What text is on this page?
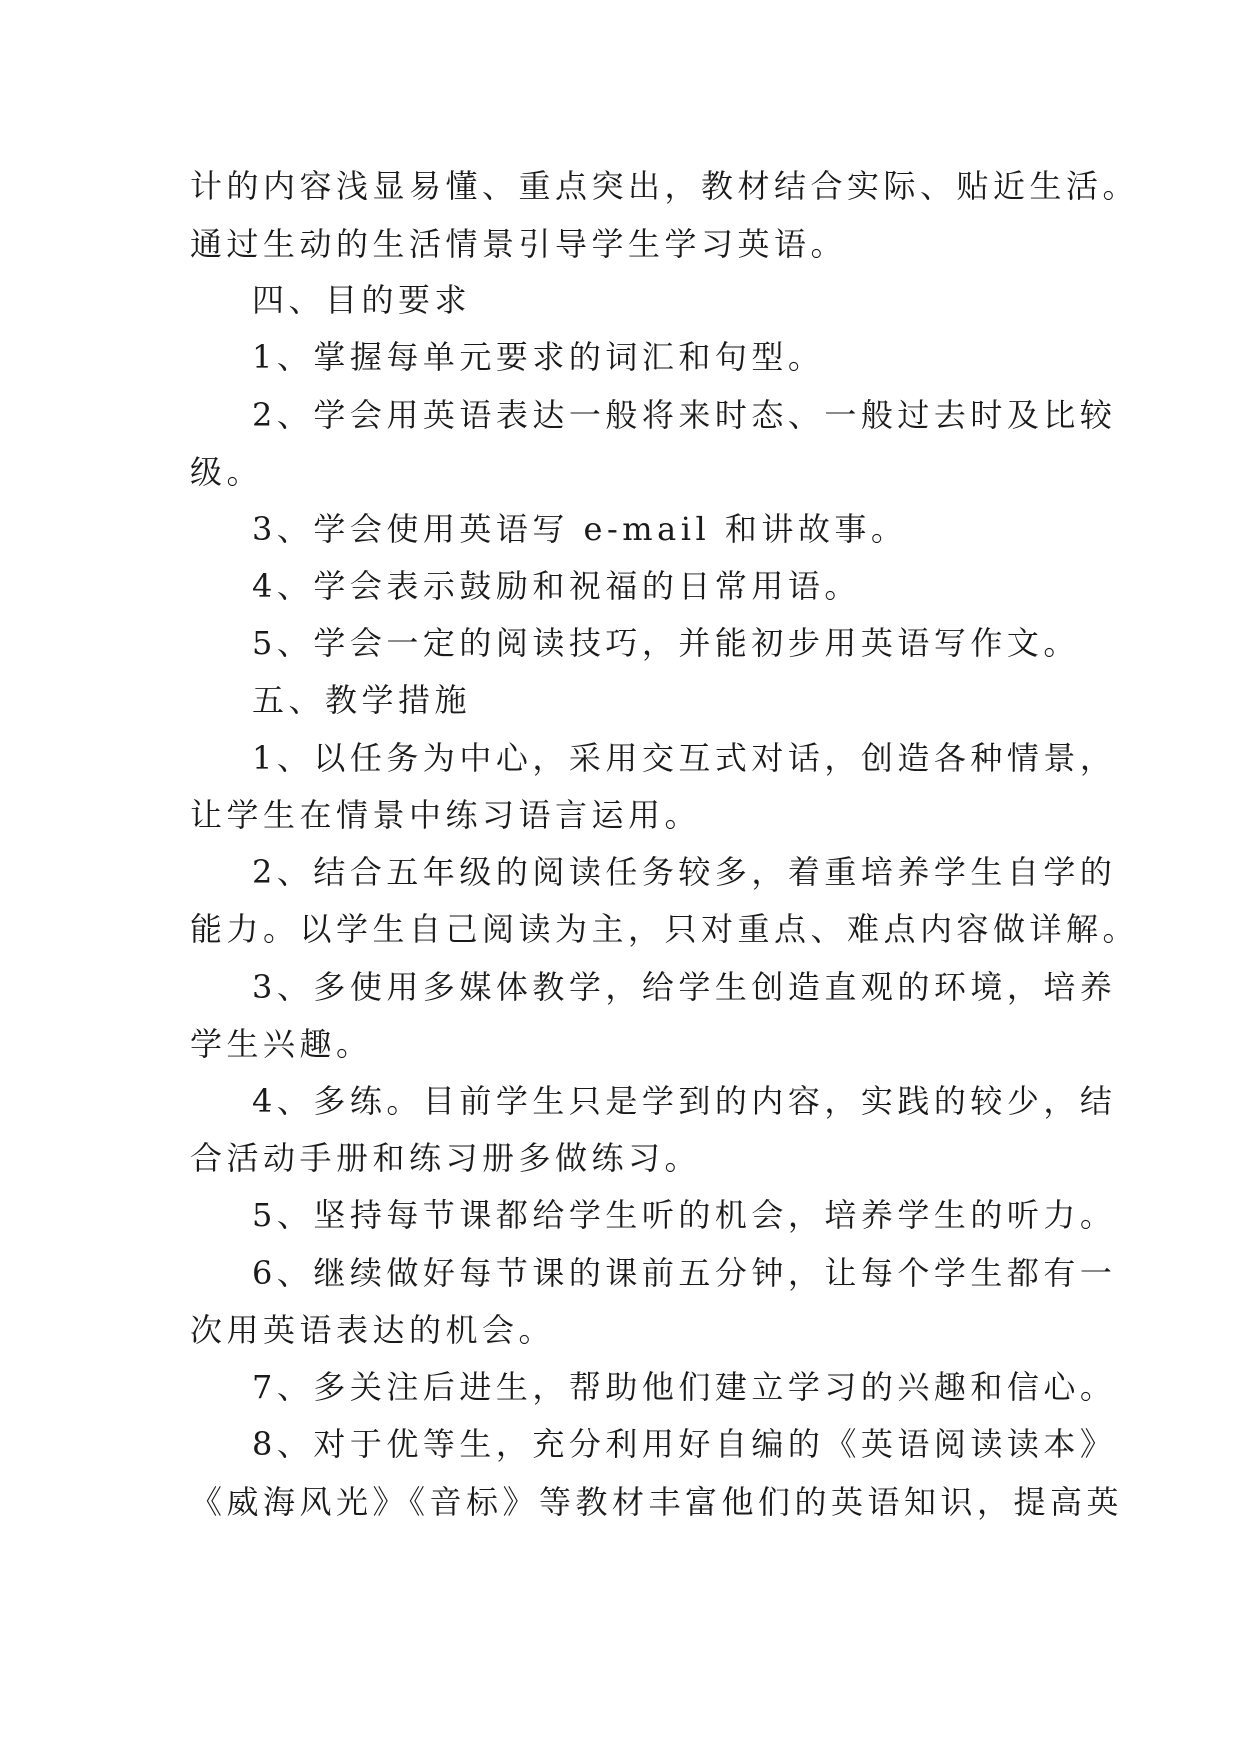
计的内容浅显易懂、重点突出，教材结合实际、贴近生活。
通过生动的生活情景引导学生学习英语。
四、目的要求
1、掌握每单元要求的词汇和句型。
2、学会用英语表达一般将来时态、一般过去时及比较
级。
3、学会使用英语写 e-mail 和讲故事。
4、学会表示鼓励和祝福的日常用语。
5、学会一定的阅读技巧，并能初步用英语写作文。
五、教学措施
1、以任务为中心，采用交互式对话，创造各种情景，
让学生在情景中练习语言运用。
2、结合五年级的阅读任务较多，着重培养学生自学的
能力。以学生自己阅读为主，只对重点、难点内容做详解。
3、多使用多媒体教学，给学生创造直观的环境，培养
学生兴趣。
4、多练。目前学生只是学到的内容，实践的较少，结
合活动手册和练习册多做练习。
5、坚持每节课都给学生听的机会，培养学生的听力。
6、继续做好每节课的课前五分钟，让每个学生都有一
次用英语表达的机会。
7、多关注后进生，帮助他们建立学习的兴趣和信心。
8、对于优等生，充分利用好自编的《英语阅读读本》
《威海风光》《音标》等教材丰富他们的英语知识，提高英
